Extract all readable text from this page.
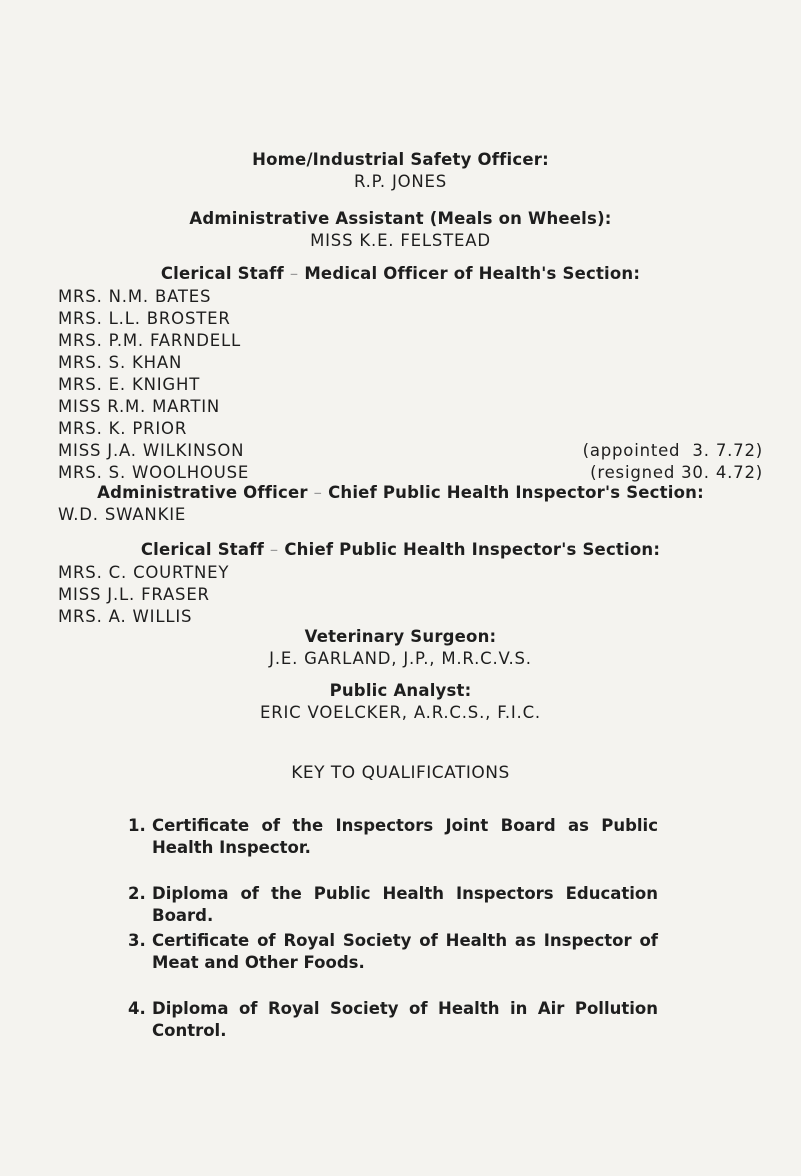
Home/Industrial Safety Officer:
R.P. JONES
Administrative Assistant (Meals on Wheels):
MISS K.E. FELSTEAD
Clerical Staff – Medical Officer of Health's Section:
MRS. N.M. BATES
MRS. L.L. BROSTER
MRS. P.M. FARNDELL
MRS. S. KHAN
MRS. E. KNIGHT
MISS R.M. MARTIN
MRS. K. PRIOR
MISS J.A. WILKINSON	(appointed  3. 7.72)
MRS. S. WOOLHOUSE	(resigned 30. 4.72)
Administrative Officer – Chief Public Health Inspector's Section:
W.D. SWANKIE
Clerical Staff – Chief Public Health Inspector's Section:
MRS. C. COURTNEY
MISS J.L. FRASER
MRS. A. WILLIS
Veterinary Surgeon:
J.E. GARLAND, J.P., M.R.C.V.S.
Public Analyst:
ERIC VOELCKER, A.R.C.S., F.I.C.
KEY TO QUALIFICATIONS
1. Certificate of the Inspectors Joint Board as Public Health Inspector.
2. Diploma of the Public Health Inspectors Education Board.
3. Certificate of Royal Society of Health as Inspector of Meat and Other Foods.
4. Diploma of Royal Society of Health in Air Pollution Control.
